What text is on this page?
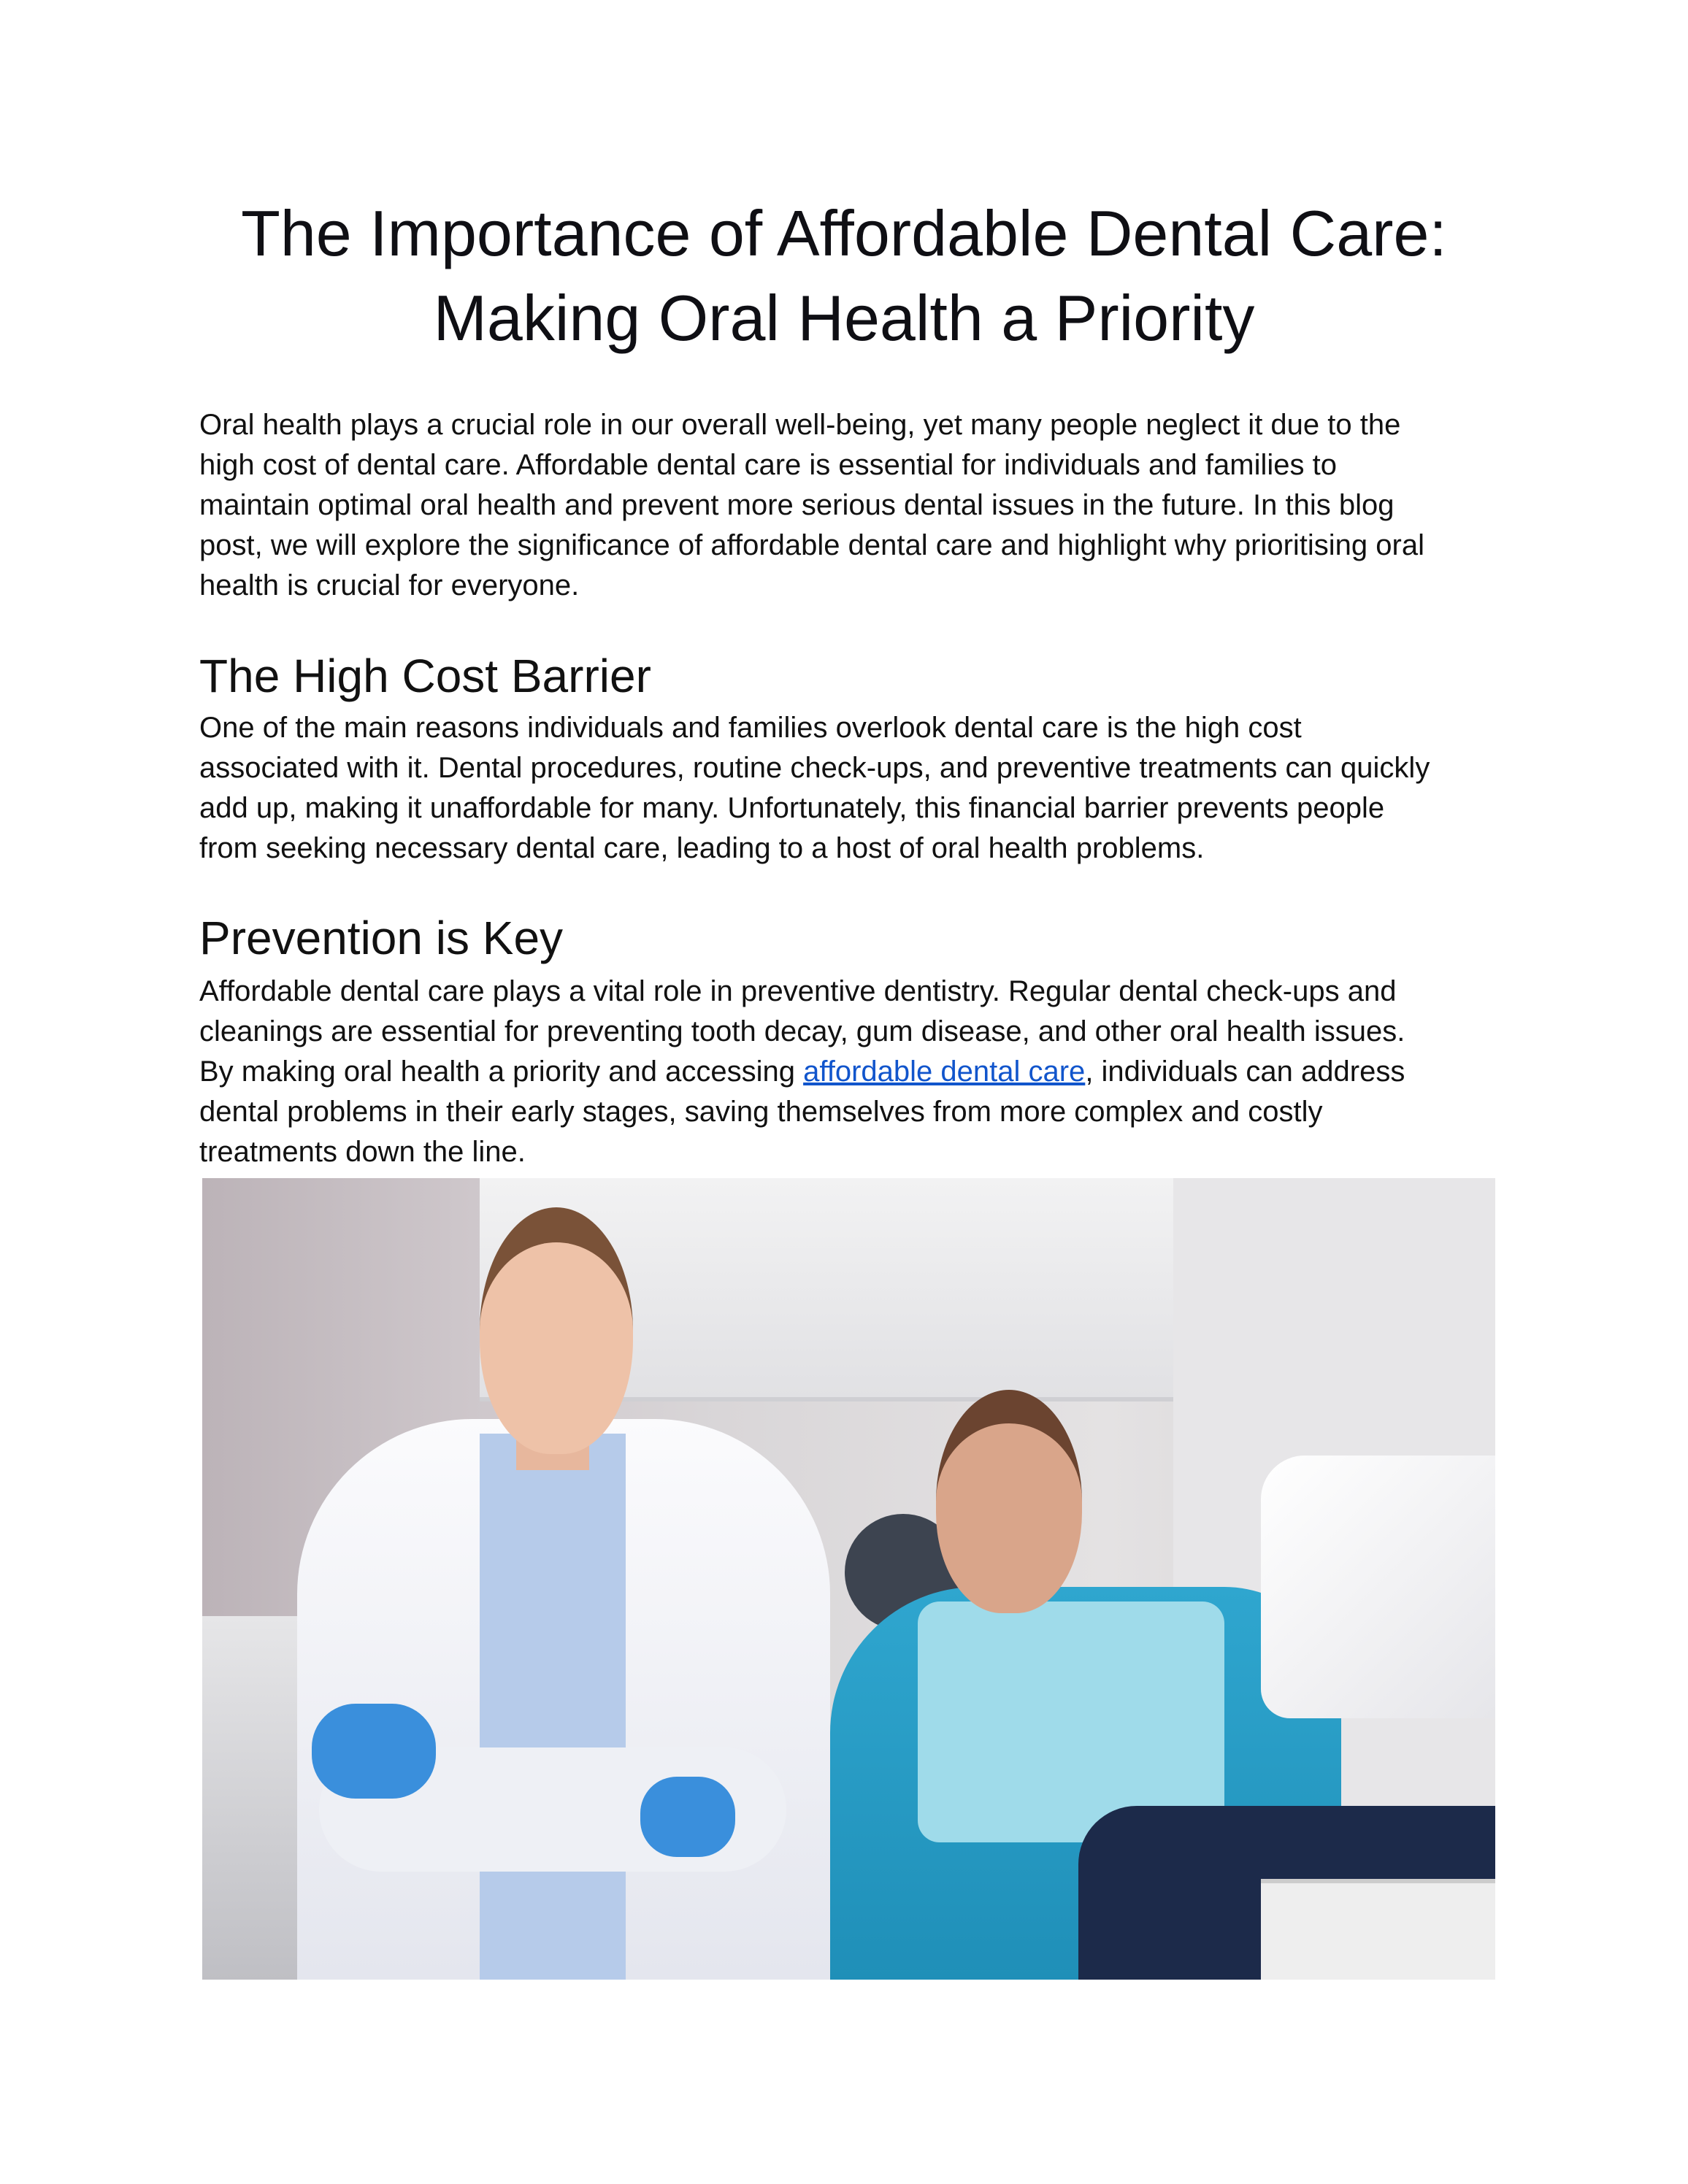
The Importance of Affordable Dental Care:
Making Oral Health a Priority

Oral health plays a crucial role in our overall well-being, yet many people neglect it due to the
high cost of dental care. Affordable dental care is essential for individuals and families to
maintain optimal oral health and prevent more serious dental issues in the future. In this blog
post, we will explore the significance of affordable dental care and highlight why prioritising oral
health is crucial for everyone.

The High Cost Barrier

One of the main reasons individuals and families overlook dental care is the high cost
associated with it. Dental procedures, routine check-ups, and preventive treatments can quickly
add up, making it unaffordable for many. Unfortunately, this financial barrier prevents people
from seeking necessary dental care, leading to a host of oral health problems.

Prevention is Key

Affordable dental care plays a vital role in preventive dentistry. Regular dental check-ups and
cleanings are essential for preventing tooth decay, gum disease, and other oral health issues.
By making oral health a priority and accessing affordable dental care, individuals can address
dental problems in their early stages, saving themselves from more complex and costly
treatments down the line.
